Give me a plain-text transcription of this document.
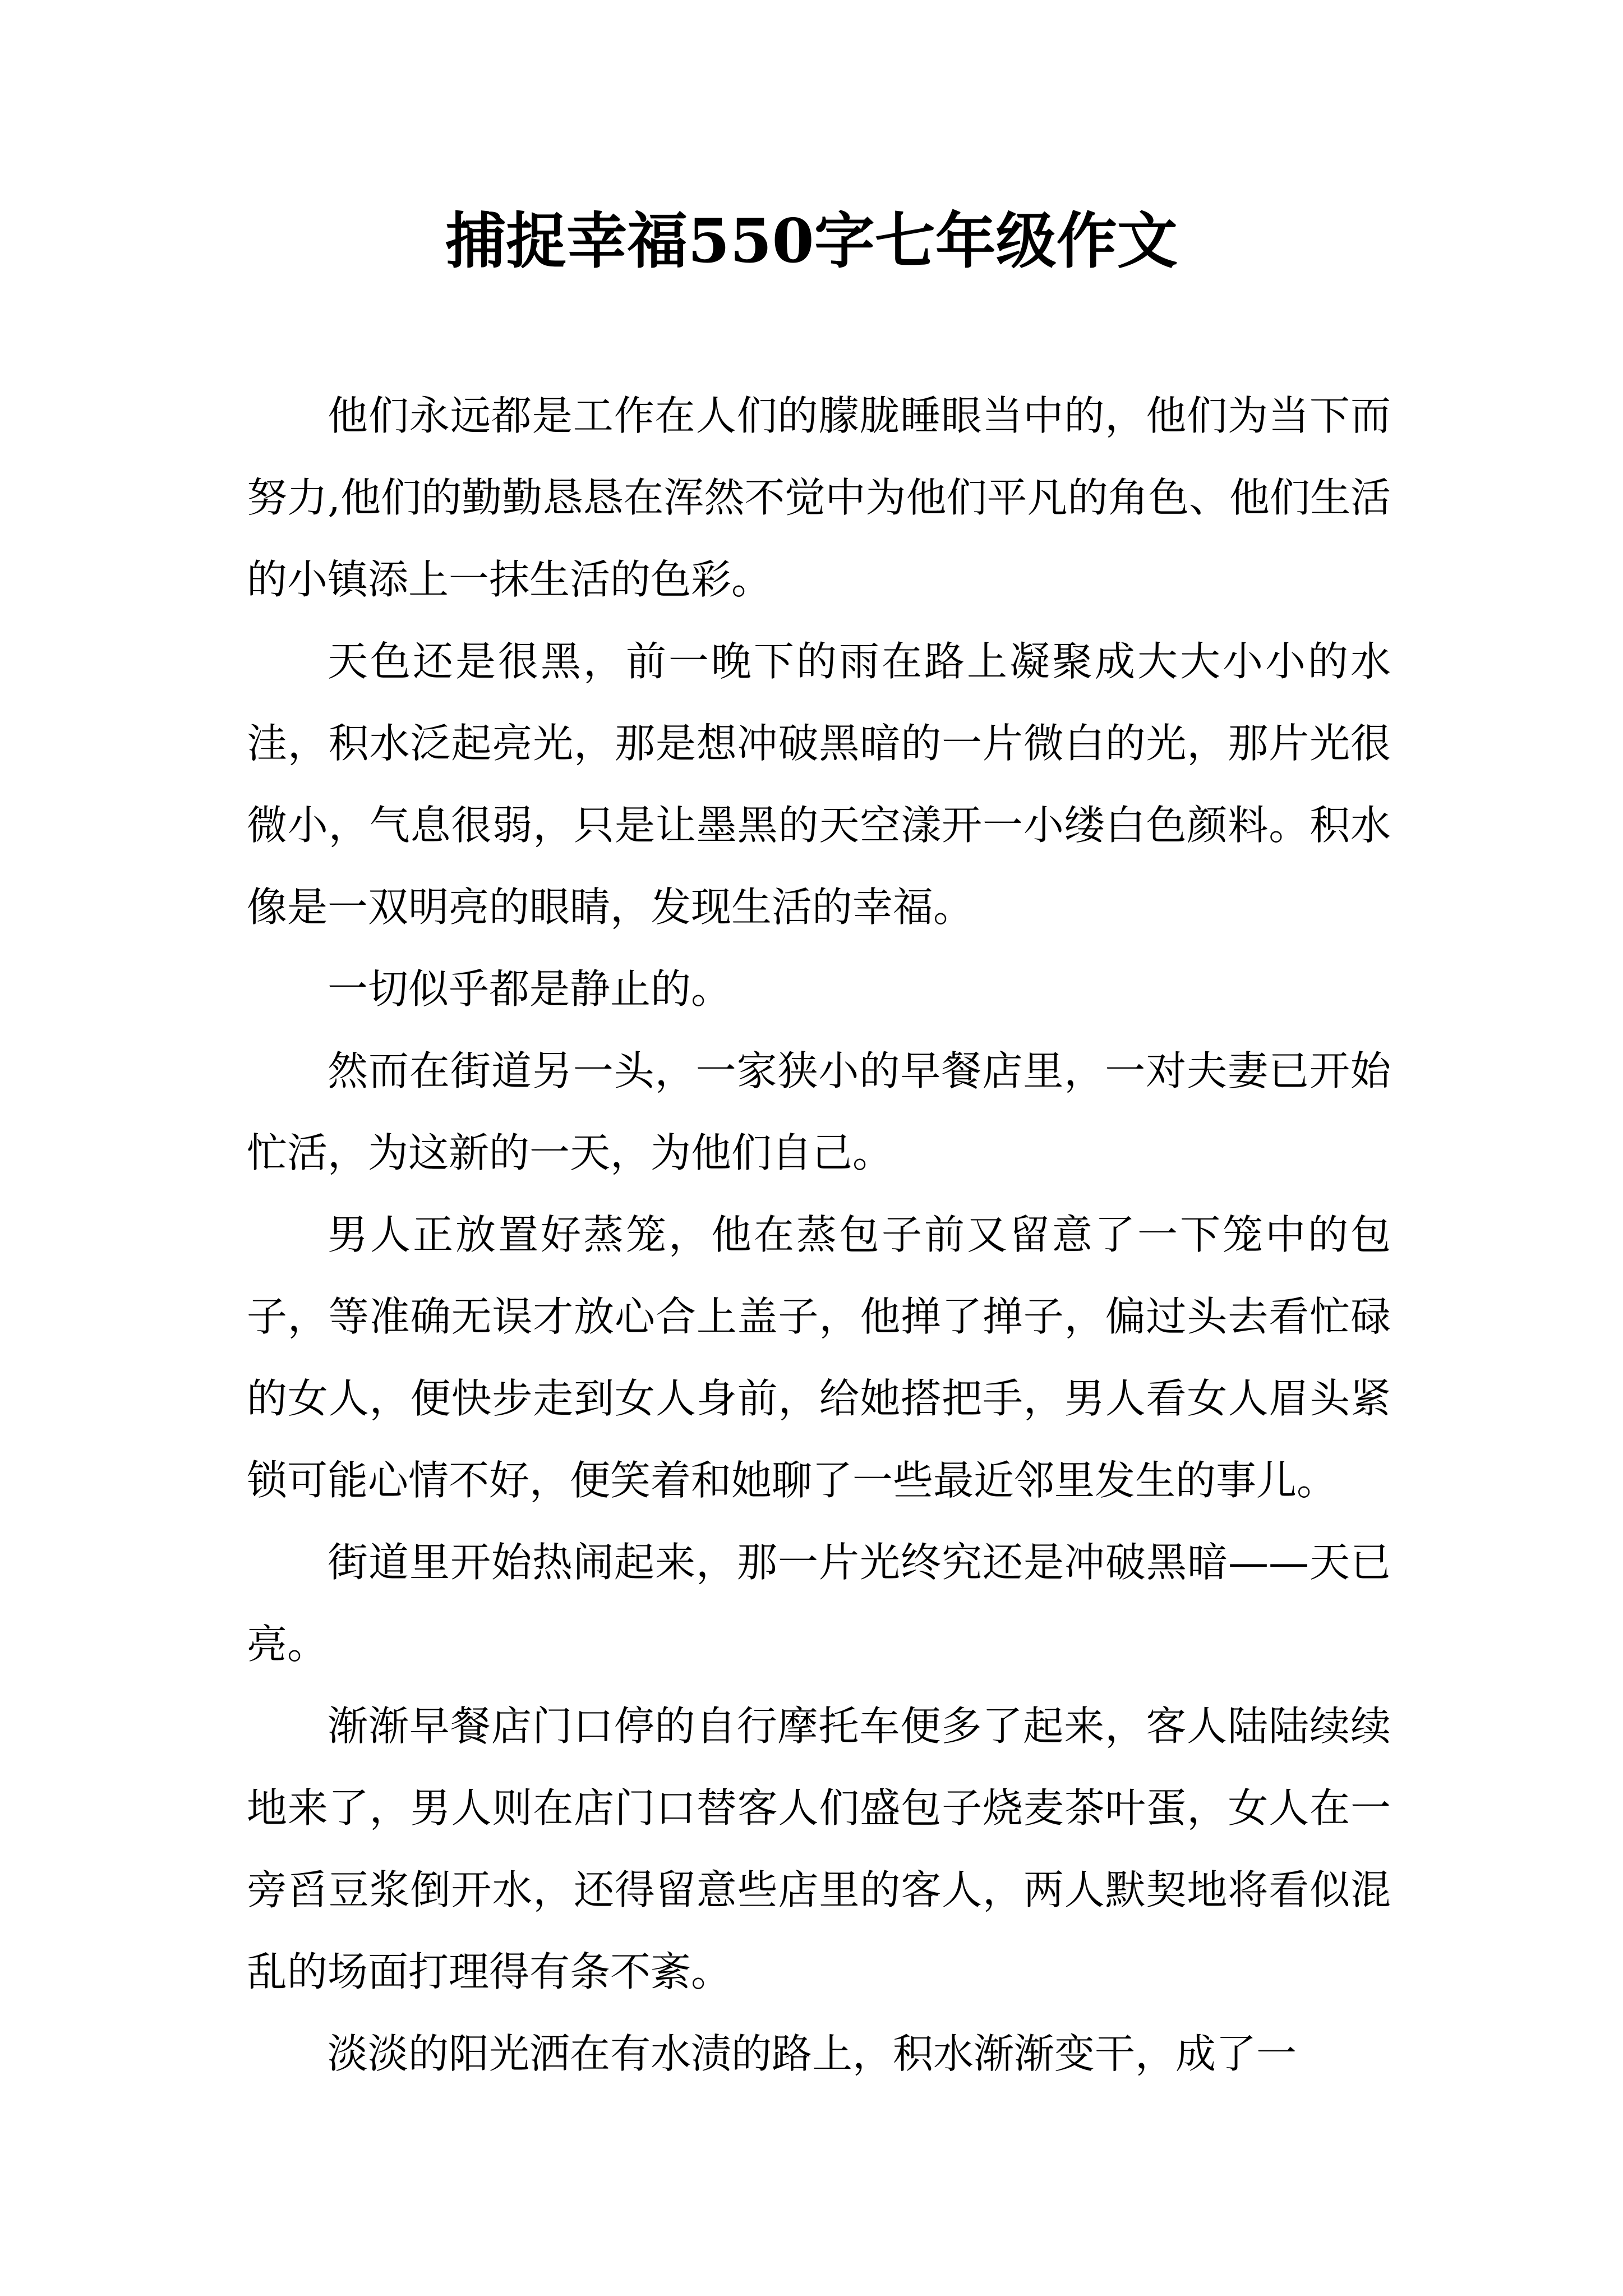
捕捉幸福550字七年级作文

他们永远都是工作在人们的朦胧睡眼当中的，他们为当下而努力,他们的勤勤恳恳在浑然不觉中为他们平凡的角色、他们生活的小镇添上一抹生活的色彩。

天色还是很黑，前一晚下的雨在路上凝聚成大大小小的水洼，积水泛起亮光，那是想冲破黑暗的一片微白的光，那片光很微小，气息很弱，只是让墨黑的天空漾开一小缕白色颜料。积水像是一双明亮的眼睛，发现生活的幸福。

一切似乎都是静止的。

然而在街道另一头，一家狭小的早餐店里，一对夫妻已开始忙活，为这新的一天，为他们自己。

男人正放置好蒸笼，他在蒸包子前又留意了一下笼中的包子，等准确无误才放心合上盖子，他掸了掸子，偏过头去看忙碌的女人，便快步走到女人身前，给她搭把手，男人看女人眉头紧锁可能心情不好，便笑着和她聊了一些最近邻里发生的事儿。

街道里开始热闹起来，那一片光终究还是冲破黑暗——天已亮。

渐渐早餐店门口停的自行摩托车便多了起来，客人陆陆续续地来了，男人则在店门口替客人们盛包子烧麦茶叶蛋，女人在一旁舀豆浆倒开水，还得留意些店里的客人，两人默契地将看似混乱的场面打理得有条不紊。

淡淡的阳光洒在有水渍的路上，积水渐渐变干，成了一
